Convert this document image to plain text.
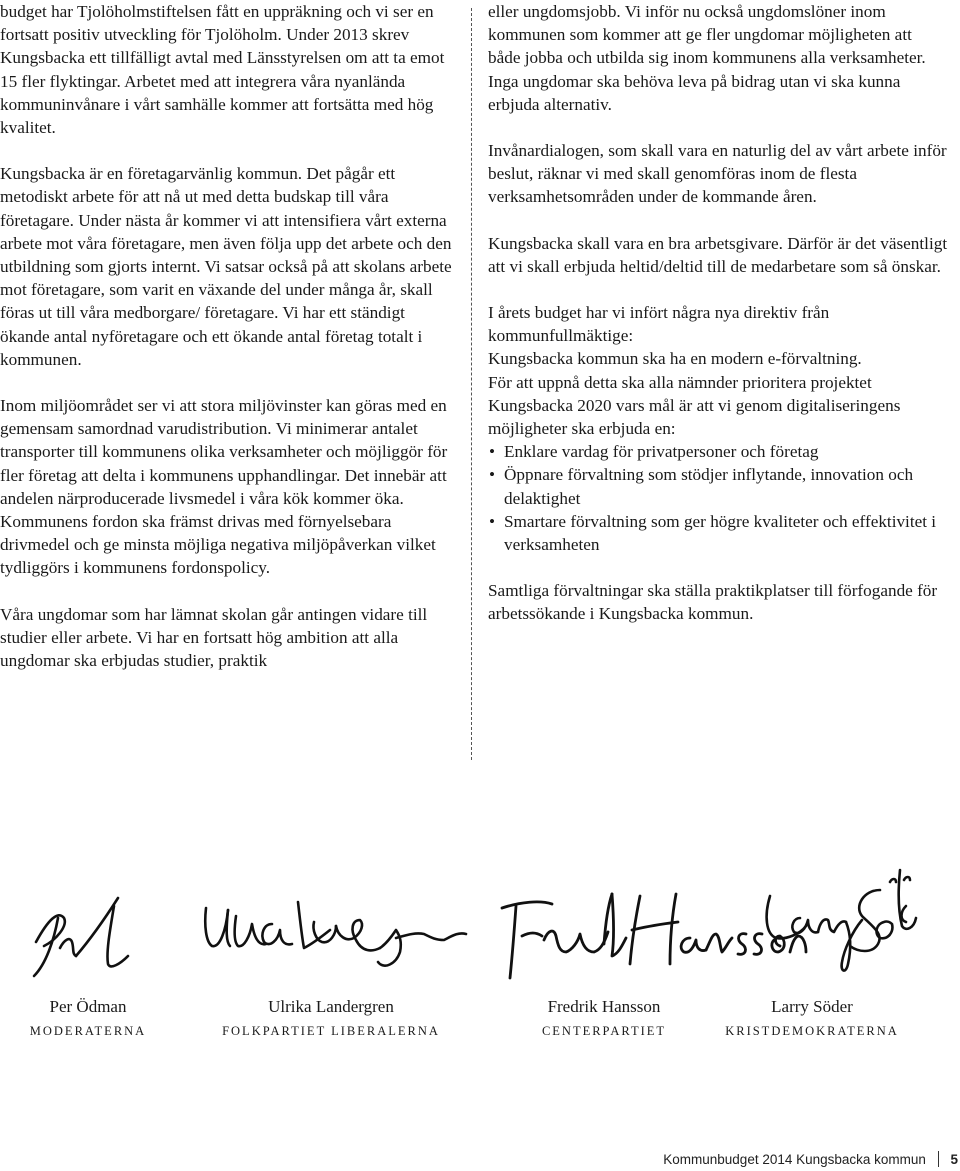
budget har Tjolöholmstiftelsen fått en uppräkning och vi ser en fortsatt positiv utveckling för Tjolöholm. Under 2013 skrev Kungsbacka ett tillfälligt avtal med Länsstyrelsen om att ta emot 15 fler flyktingar. Arbetet med att integrera våra nyanlända kommuninvånare i vårt samhälle kommer att fortsätta med hög kvalitet.

Kungsbacka är en företagarvänlig kommun. Det pågår ett metodiskt arbete för att nå ut med detta budskap till våra företagare. Under nästa år kommer vi att intensifiera vårt externa arbete mot våra företagare, men även följa upp det arbete och den utbildning som gjorts internt. Vi satsar också på att skolans arbete mot företagare, som varit en växande del under många år, skall föras ut till våra medborgare/ företagare. Vi har ett ständigt ökande antal nyföretagare och ett ökande antal företag totalt i kommunen.

Inom miljöområdet ser vi att stora miljövinster kan göras med en gemensam samordnad varudistribution. Vi minimerar antalet transporter till kommunens olika verksamheter och möjliggör för fler företag att delta i kommunens upphandlingar. Det innebär att andelen närproducerade livsmedel i våra kök kommer öka. Kommunens fordon ska främst drivas med förnyelsebara drivmedel och ge minsta möjliga negativa miljöpåverkan vilket tydliggörs i kommunens fordonspolicy.

Våra ungdomar som har lämnat skolan går antingen vidare till studier eller arbete. Vi har en fortsatt hög ambition att alla ungdomar ska erbjudas studier, praktik

eller ungdomsjobb. Vi inför nu också ungdomslöner inom kommunen som kommer att ge fler ungdomar möjligheten att både jobba och utbilda sig inom kommunens alla verksamheter. Inga ungdomar ska behöva leva på bidrag utan vi ska kunna erbjuda alternativ.

Invånardialogen, som skall vara en naturlig del av vårt arbete inför beslut, räknar vi med skall genomföras inom de flesta verksamhetsområden under de kommande åren.

Kungsbacka skall vara en bra arbetsgivare. Därför är det väsentligt att vi skall erbjuda heltid/deltid till de medarbetare som så önskar.

I årets budget har vi infört några nya direktiv från kommunfullmäktige:

Kungsbacka kommun ska ha en modern e-förvaltning.

För att uppnå detta ska alla nämnder prioritera projektet Kungsbacka 2020 vars mål är att vi genom digitaliseringens möjligheter ska erbjuda en:

• Enklare vardag för privatpersoner och företag
• Öppnare förvaltning som stödjer inflytande, innovation och delaktighet
• Smartare förvaltning som ger högre kvaliteter och effektivitet i verksamheten

Samtliga förvaltningar ska ställa praktikplatser till förfogande för arbetssökande i Kungsbacka kommun.

Per Ödman
MODERATERNA
Ulrika Landergren
FOLKPARTIET LIBERALERNA
Fredrik Hansson
CENTERPARTIET
Larry Söder
KRISTDEMOKRATERNA
Kommunbudget 2014 Kungsbacka kommun 5
